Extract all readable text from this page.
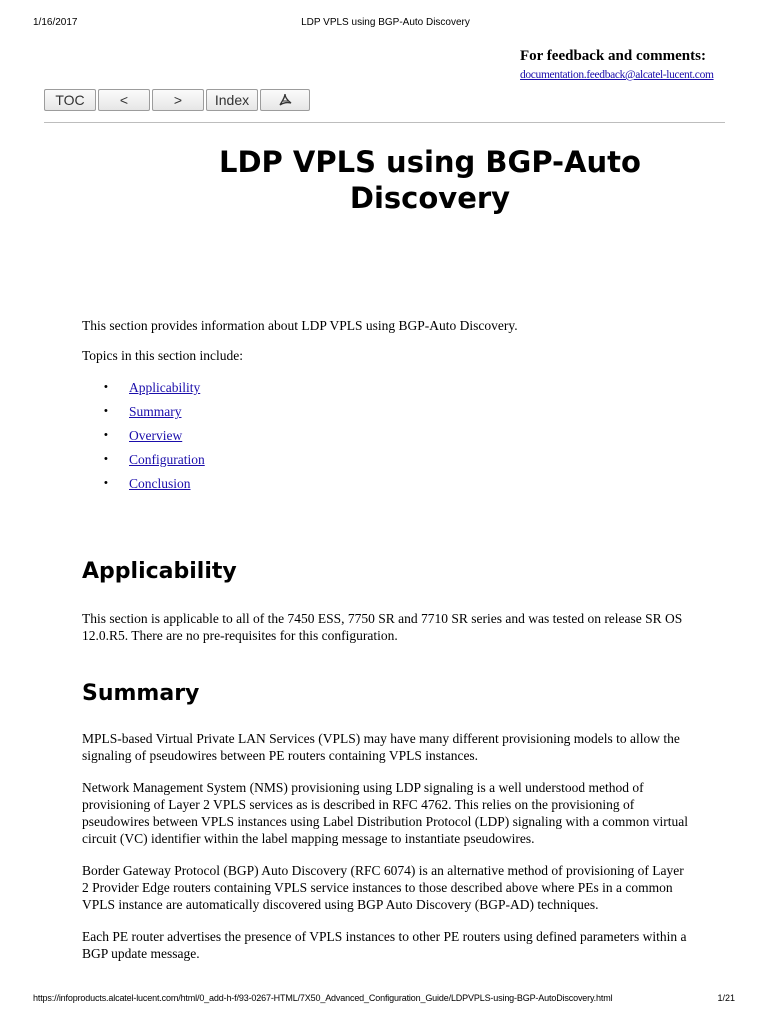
1/16/2017	LDP VPLS using BGP-Auto Discovery
For feedback and comments:
documentation.feedback@alcatel-lucent.com
TOC	<	>	Index
LDP VPLS using BGP-Auto Discovery

This section provides information about LDP VPLS using BGP-Auto Discovery.

Topics in this section include:

•	Applicability
•	Summary
•	Overview
•	Configuration
•	Conclusion
Applicability

This section is applicable to all of the 7450 ESS, 7750 SR and 7710 SR series and was tested on release SR OS 12.0.R5. There are no pre-requisites for this configuration.

Summary

MPLS-based Virtual Private LAN Services (VPLS) may have many different provisioning models to allow the signaling of pseudowires between PE routers containing VPLS instances.

Network Management System (NMS) provisioning using LDP signaling is a well understood method of provisioning of Layer 2 VPLS services as is described in RFC 4762. This relies on the provisioning of pseudowires between VPLS instances using Label Distribution Protocol (LDP) signaling with a common virtual circuit (VC) identifier within the label mapping message to instantiate pseudowires.

Border Gateway Protocol (BGP) Auto Discovery (RFC 6074) is an alternative method of provisioning of Layer 2 Provider Edge routers containing VPLS service instances to those described above where PEs in a common VPLS instance are automatically discovered using BGP Auto Discovery (BGP-AD) techniques.

Each PE router advertises the presence of VPLS instances to other PE routers using defined parameters within a BGP update message.

https://infoproducts.alcatel-lucent.com/html/0_add-h-f/93-0267-HTML/7X50_Advanced_Configuration_Guide/LDPVPLS-using-BGP-AutoDiscovery.html	1/21
